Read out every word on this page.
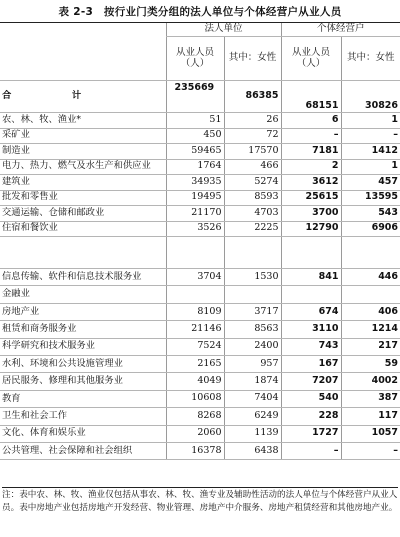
表 2-3　按行业门类分组的法人单位与个体经营户从业人员
	法人单位		个体经营户	
	从业人员（人）	其中：女性	从业人员（人）	其中：女性
合　　计	235669	86385	68151	30826
农、林、牧、渔业*	51	26	6	1
采矿业	450	72	–	–
制造业	59465	17570	7181	1412
电力、热力、燃气及水生产和供应业	1764	466	2	1
建筑业	34935	5274	3612	457
批发和零售业	19495	8593	25615	13595
交通运输、仓储和邮政业	21170	4703	3700	543
住宿和餐饮业	3526	2225	12790	6906

信息传输、软件和信息技术服务业	3704	1530	841	446
金融业				
房地产业	8109	3717	674	406
租赁和商务服务业	21146	8563	3110	1214
科学研究和技术服务业	7524	2400	743	217
水利、环境和公共设施管理业	2165	957	167	59
居民服务、修理和其他服务业	4049	1874	7207	4002
教育	10608	7404	540	387
卫生和社会工作	8268	6249	228	117
文化、体育和娱乐业	2060	1139	1727	1057
公共管理、社会保障和社会组织	16378	6438	–	–
注：表中农、林、牧、渔业仅包括从事农、林、牧、渔专业及辅助性活动的法人单位与个体经营户从业人员。表中房地产业包括房地产开发经营、物业管理、房地产中介服务、房地产租赁经营和其他房地产业。
